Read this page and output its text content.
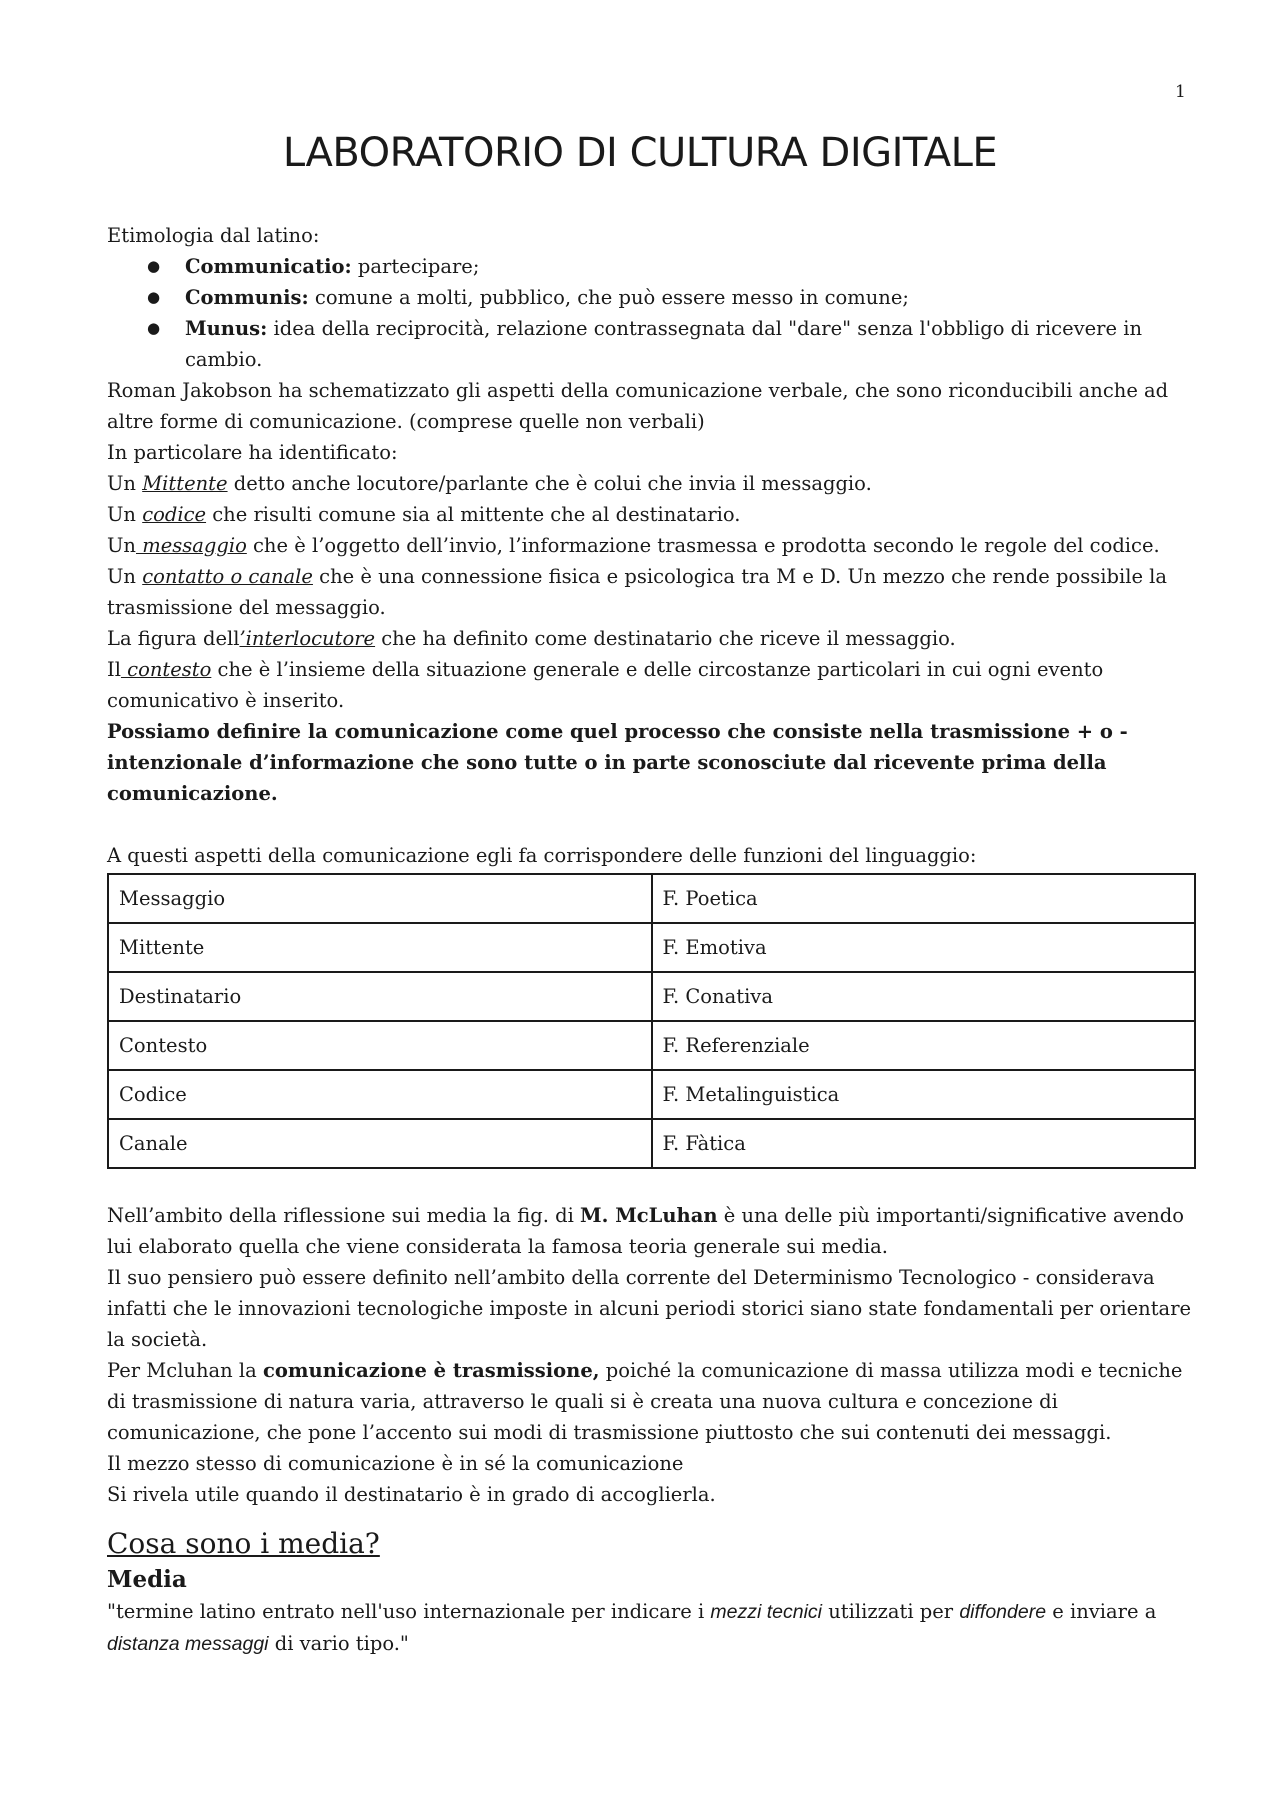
1
LABORATORIO DI CULTURA DIGITALE

Etimologia dal latino:

● Communicatio: partecipare;
● Communis: comune a molti, pubblico, che può essere messo in comune;
● Munus: idea della reciprocità, relazione contrassegnata dal "dare" senza l'obbligo di ricevere in cambio.

Roman Jakobson ha schematizzato gli aspetti della comunicazione verbale, che sono riconducibili anche ad altre forme di comunicazione. (comprese quelle non verbali)

In particolare ha identificato:

Un Mittente detto anche locutore/parlante che è colui che invia il messaggio.

Un codice che risulti comune sia al mittente che al destinatario.

Un messaggio che è l’oggetto dell’invio, l’informazione trasmessa e prodotta secondo le regole del codice.

Un contatto o canale che è una connessione fisica e psicologica tra M e D. Un mezzo che rende possibile la trasmissione del messaggio.

La figura dell’interlocutore che ha definito come destinatario che riceve il messaggio.

Il contesto che è l’insieme della situazione generale e delle circostanze particolari in cui ogni evento comunicativo è inserito.

Possiamo definire la comunicazione come quel processo che consiste nella trasmissione + o - intenzionale d’informazione che sono tutte o in parte sconosciute dal ricevente prima della comunicazione.

A questi aspetti della comunicazione egli fa corrispondere delle funzioni del linguaggio:

Messaggio	F. Poetica
Mittente	F. Emotiva
Destinatario	F. Conativa
Contesto	F. Referenziale
Codice	F. Metalinguistica
Canale	F. Fàtica

Nell’ambito della riflessione sui media la fig. di M. McLuhan è una delle più importanti/significative avendo lui elaborato quella che viene considerata la famosa teoria generale sui media.

Il suo pensiero può essere definito nell’ambito della corrente del Determinismo Tecnologico - considerava infatti che le innovazioni tecnologiche imposte in alcuni periodi storici siano state fondamentali per orientare la società.

Per Mcluhan la comunicazione è trasmissione, poiché la comunicazione di massa utilizza modi e tecniche di trasmissione di natura varia, attraverso le quali si è creata una nuova cultura e concezione di comunicazione, che pone l’accento sui modi di trasmissione piuttosto che sui contenuti dei messaggi.

Il mezzo stesso di comunicazione è in sé la comunicazione

Si rivela utile quando il destinatario è in grado di accoglierla.

Cosa sono i media?
Media

"termine latino entrato nell'uso internazionale per indicare i mezzi tecnici utilizzati per diffondere e inviare a distanza messaggi di vario tipo."
